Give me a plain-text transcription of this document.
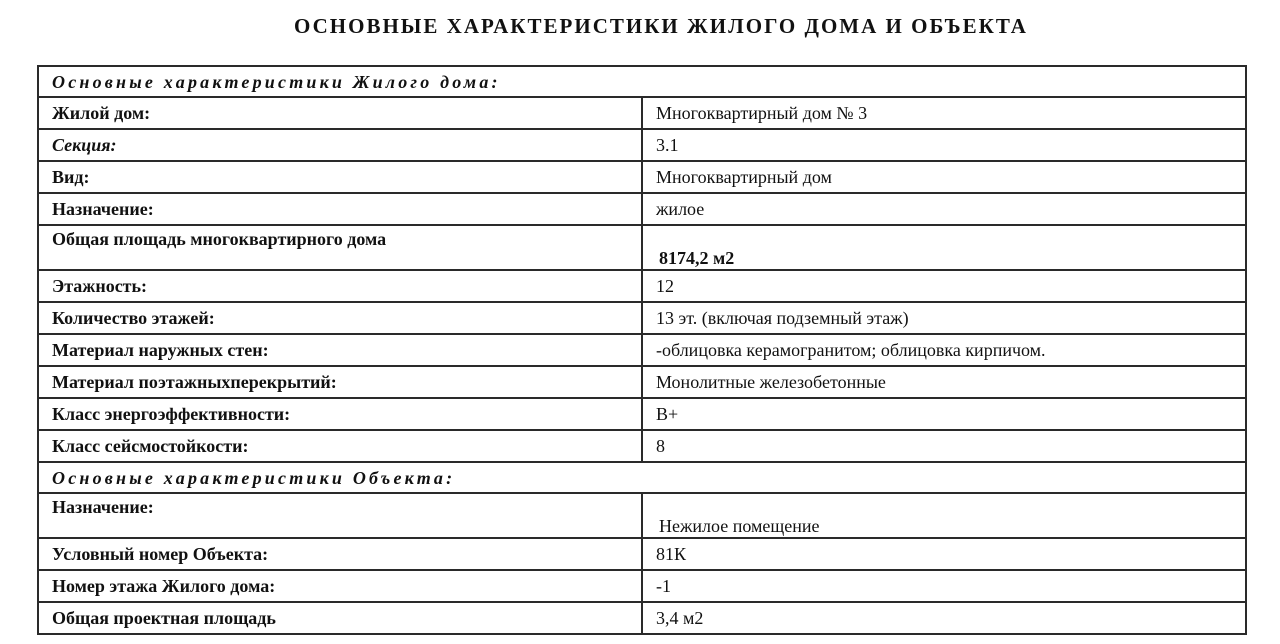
ОСНОВНЫЕ ХАРАКТЕРИСТИКИ ЖИЛОГО ДОМА И ОБЪЕКТА
Основные характеристики Жилого дома:	
Жилой дом:	Многоквартирный дом № 3
Секция:	3.1
Вид:	Многоквартирный дом
Назначение:	жилое
Общая площадь многоквартирного дома	8174,2 м2
Этажность:	12
Количество этажей:	13 эт. (включая подземный этаж)
Материал наружных стен:	-облицовка керамогранитом; облицовка кирпичом.
Материал поэтажныхперекрытий:	Монолитные железобетонные
Класс энергоэффективности:	B+
Класс сейсмостойкости:	8
Основные характеристики Объекта:	
Назначение:	Нежилое помещение
Условный номер Объекта:	81К
Номер этажа Жилого дома:	-1
Общая проектная площадь	3,4 м2
